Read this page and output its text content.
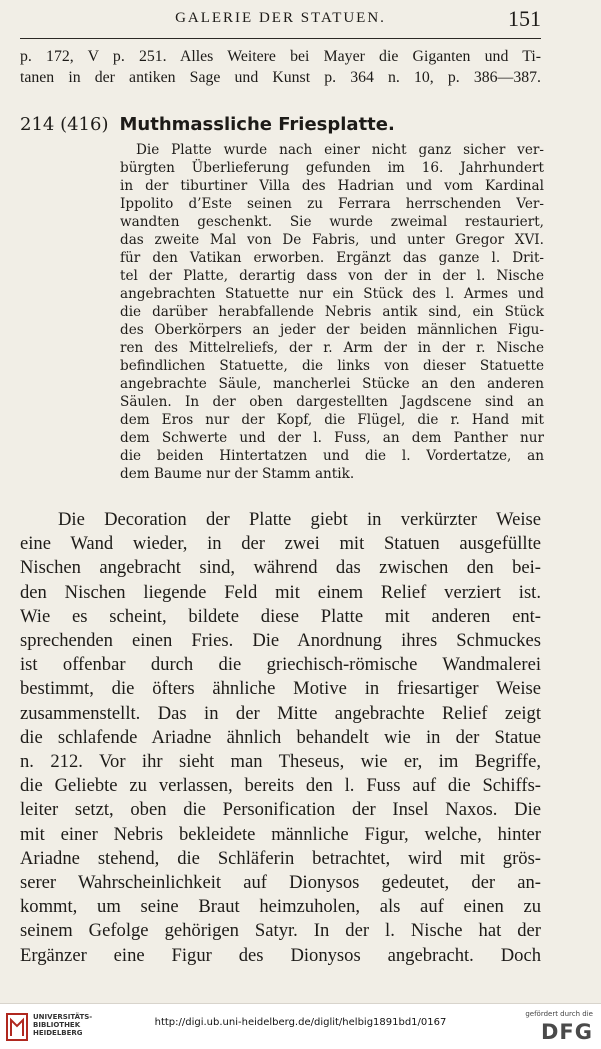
GALERIE DER STATUEN.	151
p. 172, V p. 251. Alles Weitere bei Mayer die Giganten und Ti-
tanen in der antiken Sage und Kunst p. 364 n. 10, p. 386—387.
214 (416) Muthmassliche Friesplatte.
Die Platte wurde nach einer nicht ganz sicher ver-
bürgten Überlieferung gefunden im 16. Jahrhundert
in der tiburtiner Villa des Hadrian und vom Kardinal
Ippolito d’Este seinen zu Ferrara herrschenden Ver-
wandten geschenkt. Sie wurde zweimal restauriert,
das zweite Mal von De Fabris, und unter Gregor XVI.
für den Vatikan erworben. Ergänzt das ganze l. Drit-
tel der Platte, derartig dass von der in der l. Nische
angebrachten Statuette nur ein Stück des l. Armes und
die darüber herabfallende Nebris antik sind, ein Stück
des Oberkörpers an jeder der beiden männlichen Figu-
ren des Mittelreliefs, der r. Arm der in der r. Nische
befindlichen Statuette, die links von dieser Statuette
angebrachte Säule, mancherlei Stücke an den anderen
Säulen. In der oben dargestellten Jagdscene sind an
dem Eros nur der Kopf, die Flügel, die r. Hand mit
dem Schwerte und der l. Fuss, an dem Panther nur
die beiden Hintertatzen und die l. Vordertatze, an
dem Baume nur der Stamm antik.
Die Decoration der Platte giebt in verkürzter Weise
eine Wand wieder, in der zwei mit Statuen ausgefüllte
Nischen angebracht sind, während das zwischen den bei-
den Nischen liegende Feld mit einem Relief verziert ist.
Wie es scheint, bildete diese Platte mit anderen ent-
sprechenden einen Fries. Die Anordnung ihres Schmuckes
ist offenbar durch die griechisch-römische Wandmalerei
bestimmt, die öfters ähnliche Motive in friesartiger Weise
zusammenstellt. Das in der Mitte angebrachte Relief zeigt
die schlafende Ariadne ähnlich behandelt wie in der Statue
n. 212. Vor ihr sieht man Theseus, wie er, im Begriffe,
die Geliebte zu verlassen, bereits den l. Fuss auf die Schiffs-
leiter setzt, oben die Personification der Insel Naxos. Die
mit einer Nebris bekleidete männliche Figur, welche, hinter
Ariadne stehend, die Schläferin betrachtet, wird mit grös-
serer Wahrscheinlichkeit auf Dionysos gedeutet, der an-
kommt, um seine Braut heimzuholen, als auf einen zu
seinem Gefolge gehörigen Satyr. In der l. Nische hat der
Ergänzer eine Figur des Dionysos angebracht. Doch
UNIVERSITÄTS-
BIBLIOTHEK
HEIDELBERG
http://digi.ub.uni-heidelberg.de/diglit/helbig1891bd1/0167
gefördert durch die
DFG
